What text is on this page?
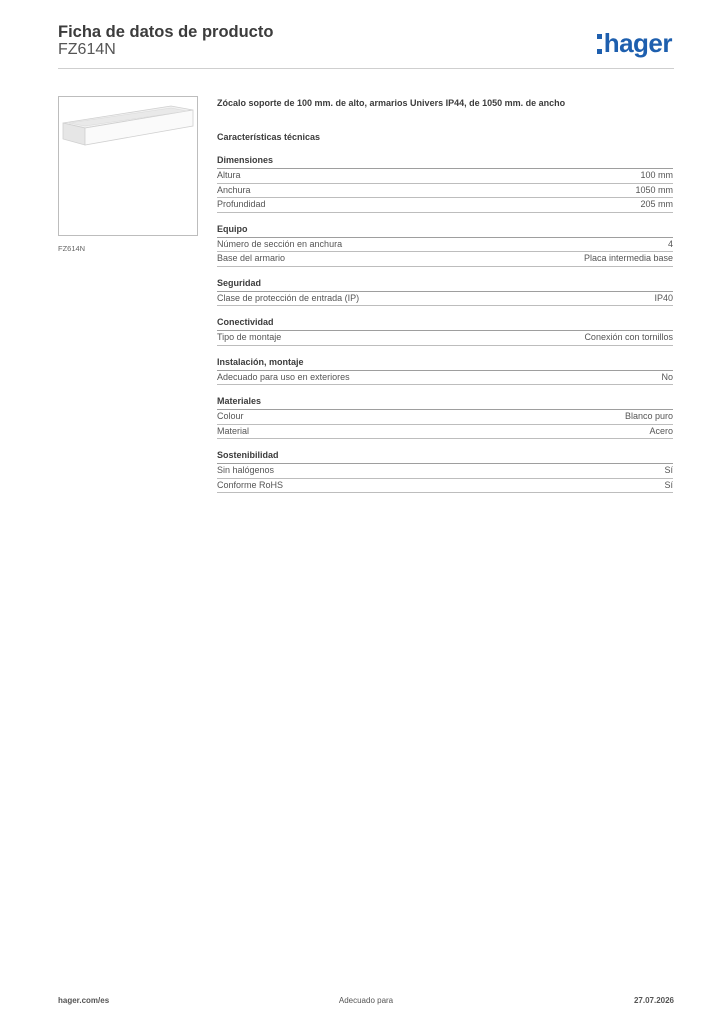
Ficha de datos de producto
FZ614N	hager
FZ614N
Zócalo soporte de 100 mm. de alto, armarios Univers IP44, de 1050 mm. de ancho
Características técnicas
Dimensiones
Altura	100 mm
Anchura	1050 mm
Profundidad	205 mm
Equipo
Número de sección en anchura	4
Base del armario	Placa intermedia base
Seguridad
Clase de protección de entrada (IP)	IP40
Conectividad
Tipo de montaje	Conexión con tornillos
Instalación, montaje
Adecuado para uso en exteriores	No
Materiales
Colour	Blanco puro
Material	Acero
Sostenibilidad
Sin halógenos	Sí
Conforme RoHS	Sí
hager.com/es	Adecuado para	27.07.2026
